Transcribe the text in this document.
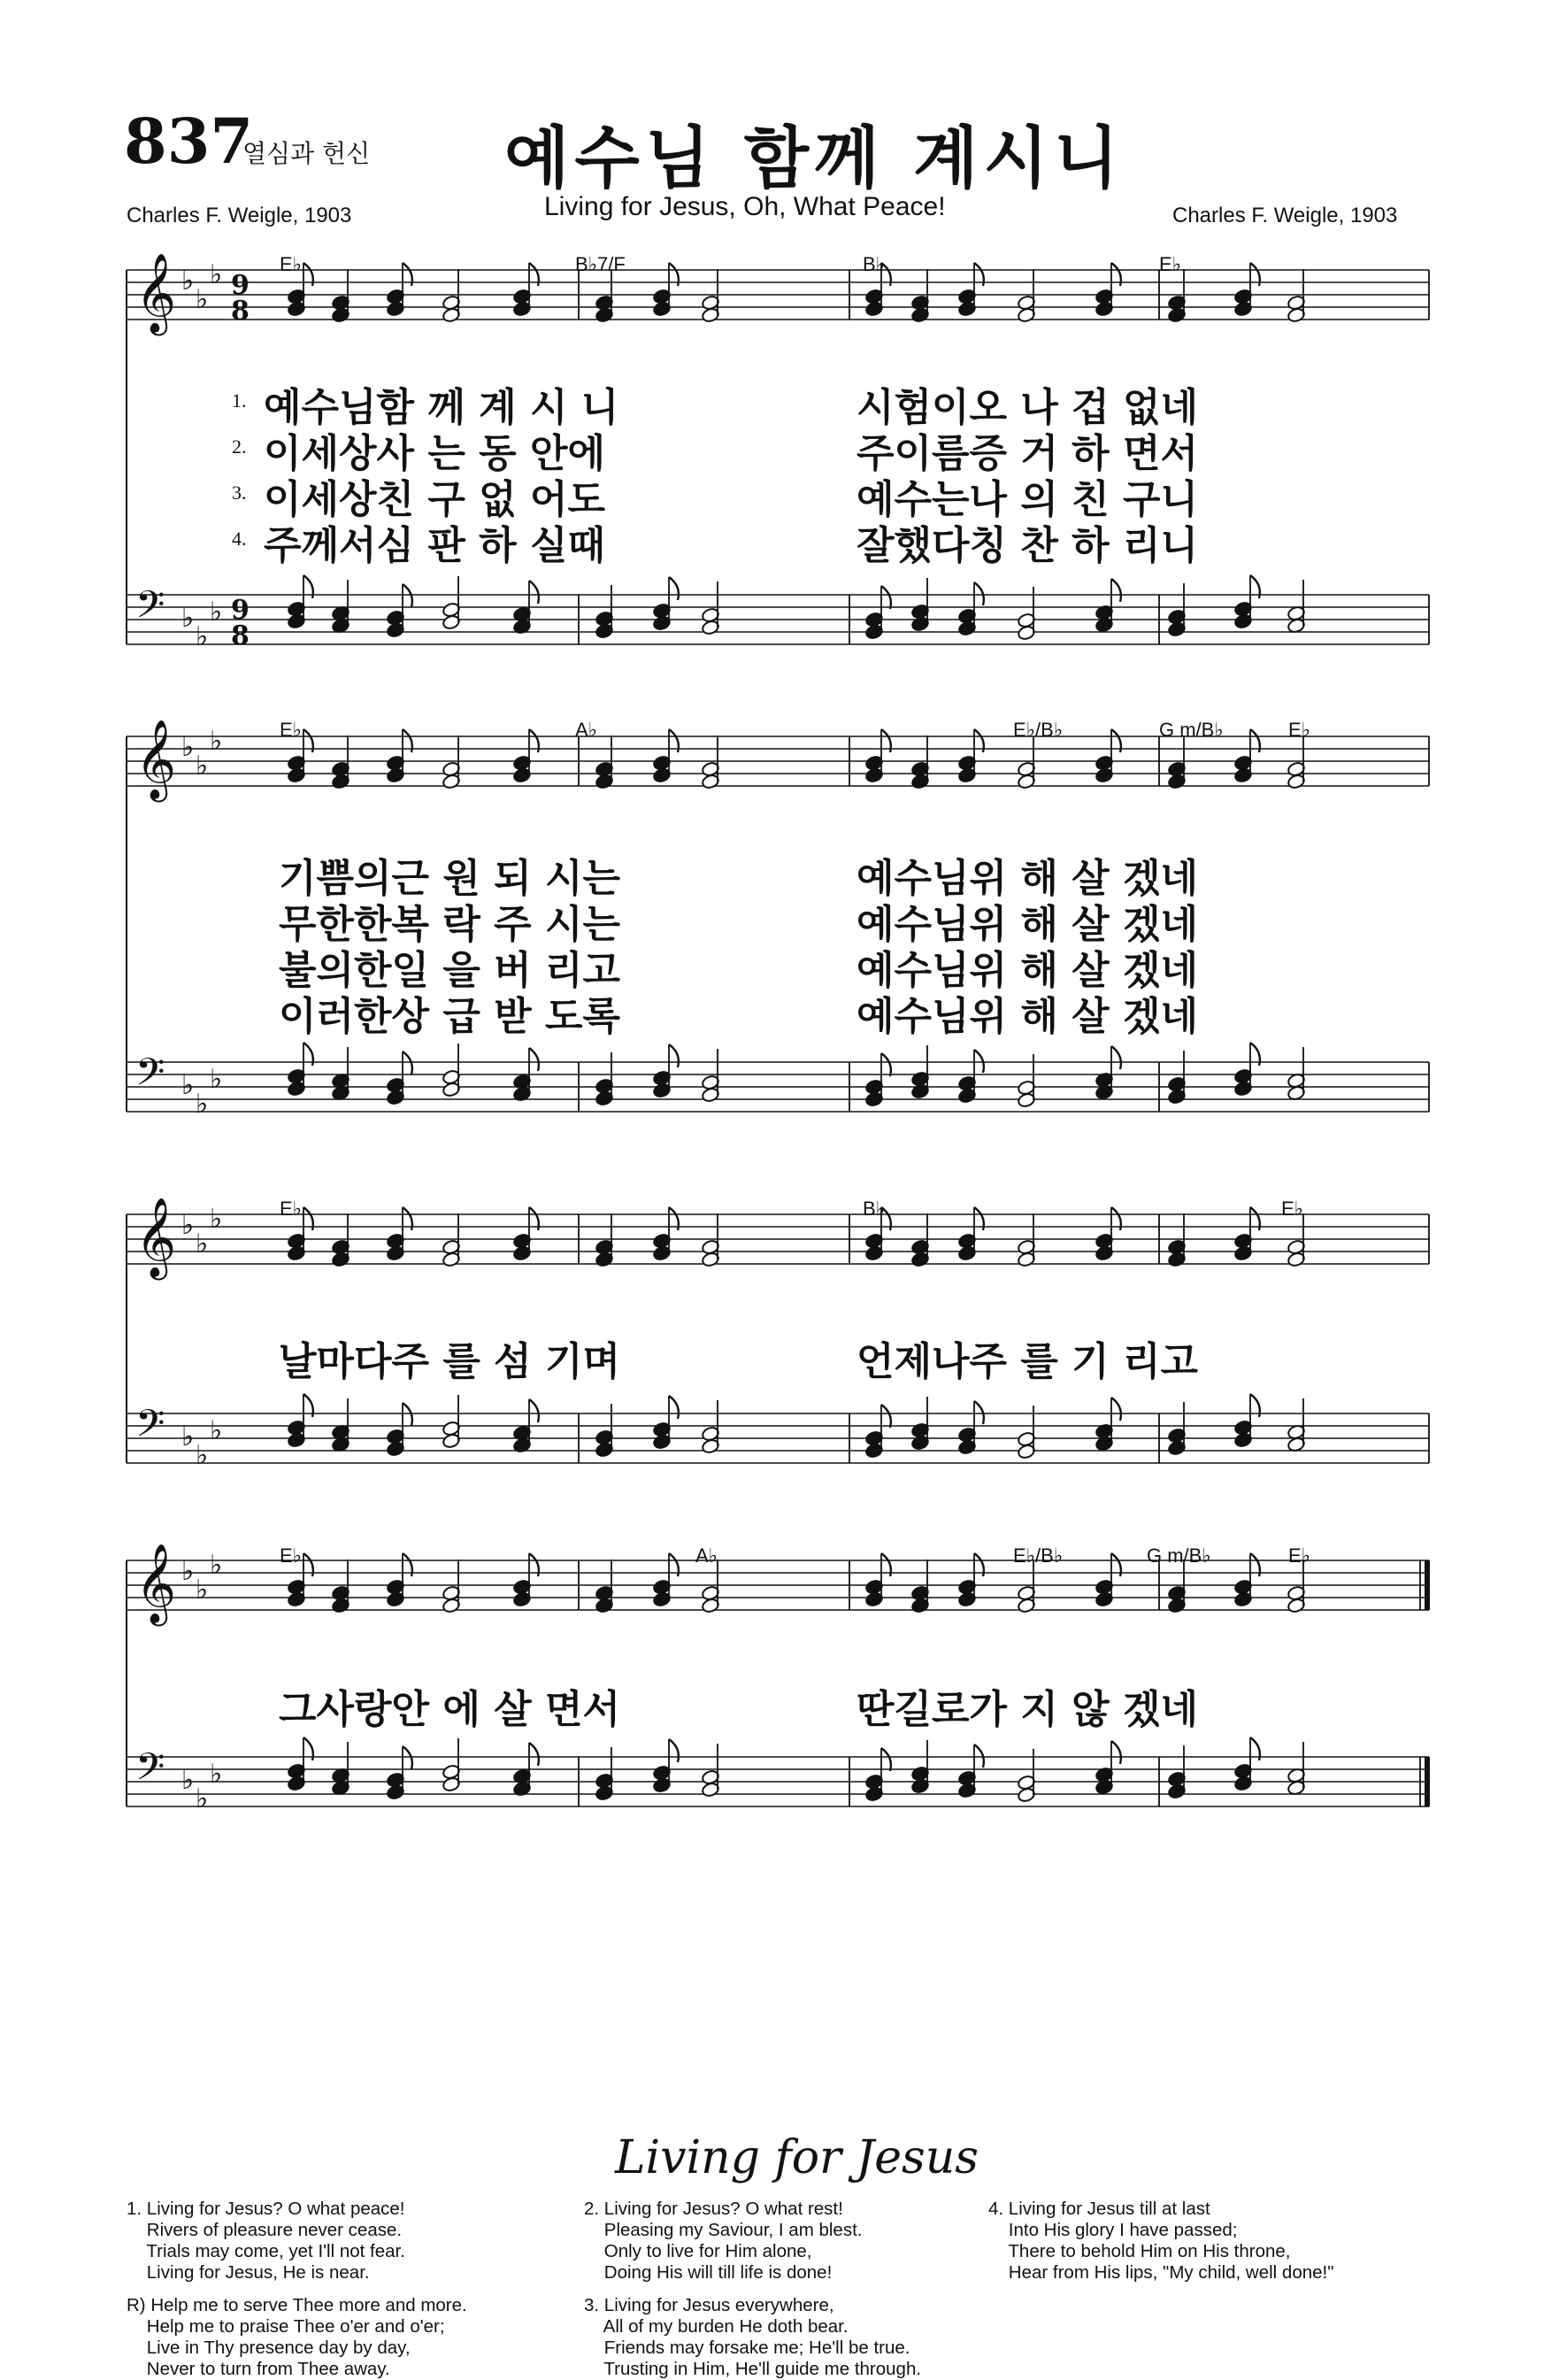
837
열심과 헌신 예수님 함께 계시니
Living for Jesus, Oh, What Peace!
Charles F. Weigle, 1903	Charles F. Weigle, 1903
𝄞 ♭
♭
♭ 9
8
𝄢 ♭
♭
♭ 9
8
𝄞 ♭
♭
♭
𝄢 ♭
♭
♭
𝄞 ♭
♭
♭
𝄢 ♭
♭
♭
𝄞 ♭
♭
♭
𝄢 ♭
♭
♭
E♭	B♭7/F	B♭	E♭
1. 예수님함 께 계 시 니	시험이오 나 겁 없네
2. 이세상사 는 동 안에	주이름증 거 하 면서
3. 이세상친 구 없 어도	예수는나 의 친 구니
4. 주께서심 판 하 실때	잘했다칭 찬 하 리니
E♭	A♭	E♭/B♭	G m/B♭	E♭
기쁨의근 원 되 시는	예수님위 해 살 겠네
무한한복 락 주 시는	예수님위 해 살 겠네
불의한일 을 버 리고	예수님위 해 살 겠네
이러한상 급 받 도록	예수님위 해 살 겠네
E♭	B♭	E♭
날마다주 를 섬 기며	언제나주 를 기 리고
E♭	A♭	E♭/B♭	G m/B♭	E♭
그사랑안 에 살 면서	딴길로가 지 않 겠네
Living for Jesus
1. Living for Jesus? O what peace!
Rivers of pleasure never cease.
Trials may come, yet I'll not fear.
Living for Jesus, He is near.
R) Help me to serve Thee more and more.
Help me to praise Thee o'er and o'er;
Live in Thy presence day by day,
Never to turn from Thee away.
2. Living for Jesus? O what rest!
Pleasing my Saviour, I am blest.
Only to live for Him alone,
Doing His will till life is done!
3. Living for Jesus everywhere,
All of my burden He doth bear.
Friends may forsake me; He'll be true.
Trusting in Him, He'll guide me through.
4. Living for Jesus till at last
Into His glory I have passed;
There to behold Him on His throne,
Hear from His lips, "My child, well done!"
